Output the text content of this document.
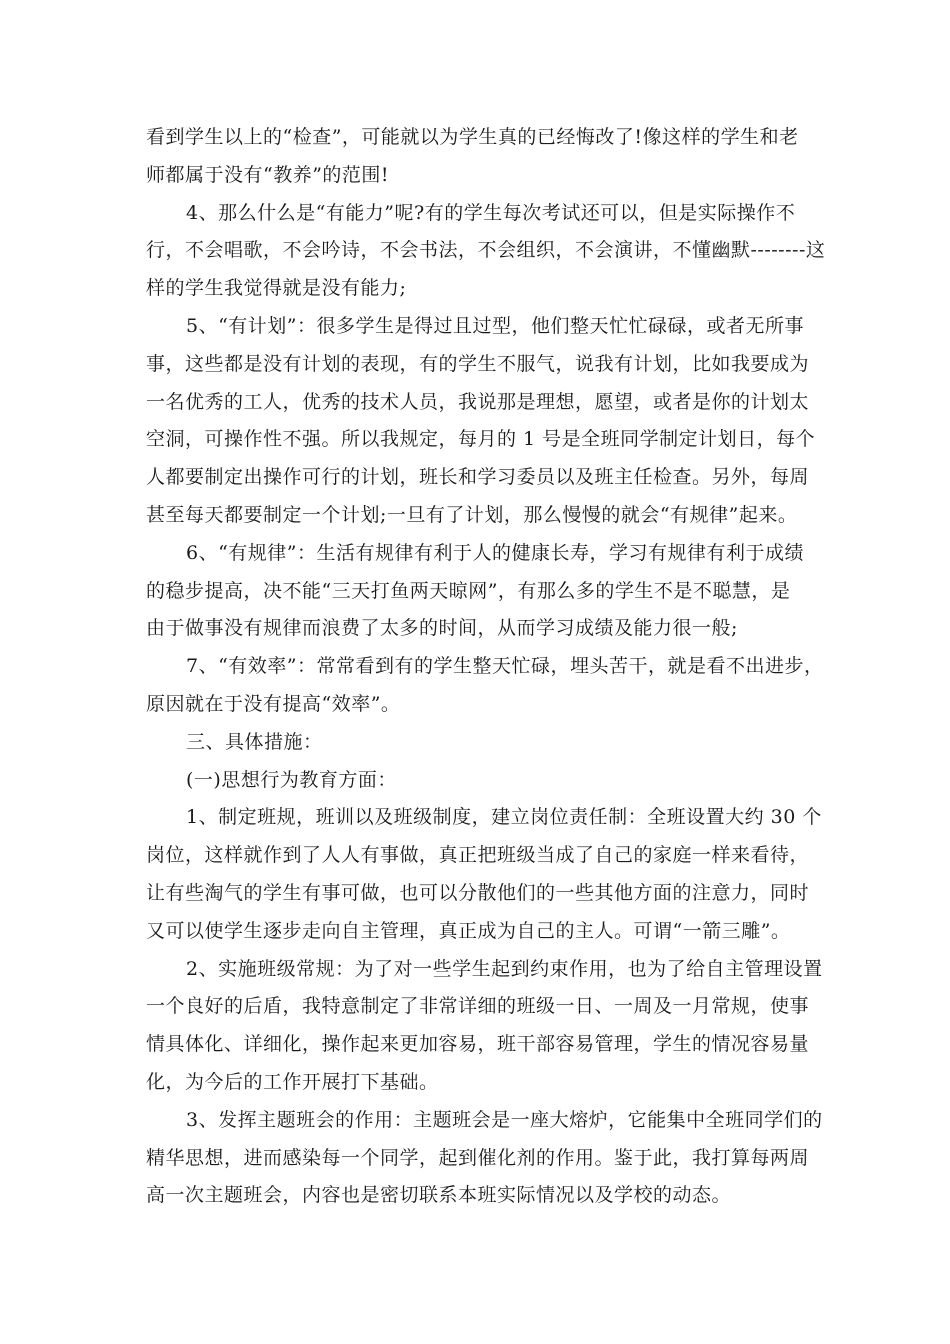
看到学生以上的“检查”，可能就以为学生真的已经悔改了!像这样的学生和老
师都属于没有“教养”的范围!
4、那么什么是“有能力”呢?有的学生每次考试还可以，但是实际操作不
行，不会唱歌，不会吟诗，不会书法，不会组织，不会演讲，不懂幽默--------这
样的学生我觉得就是没有能力;
5、“有计划”：很多学生是得过且过型，他们整天忙忙碌碌，或者无所事
事，这些都是没有计划的表现，有的学生不服气，说我有计划，比如我要成为
一名优秀的工人，优秀的技术人员，我说那是理想，愿望，或者是你的计划太
空洞，可操作性不强。所以我规定，每月的 1 号是全班同学制定计划日，每个
人都要制定出操作可行的计划，班长和学习委员以及班主任检查。另外，每周
甚至每天都要制定一个计划;一旦有了计划，那么慢慢的就会“有规律”起来。
6、“有规律”：生活有规律有利于人的健康长寿，学习有规律有利于成绩
的稳步提高，决不能“三天打鱼两天晾网”，有那么多的学生不是不聪慧，是
由于做事没有规律而浪费了太多的时间，从而学习成绩及能力很一般;
7、“有效率”：常常看到有的学生整天忙碌，埋头苦干，就是看不出进步，
原因就在于没有提高“效率”。
三、具体措施：
(一)思想行为教育方面：
1、制定班规，班训以及班级制度，建立岗位责任制：全班设置大约 30 个
岗位，这样就作到了人人有事做，真正把班级当成了自己的家庭一样来看待，
让有些淘气的学生有事可做，也可以分散他们的一些其他方面的注意力，同时
又可以使学生逐步走向自主管理，真正成为自己的主人。可谓“一箭三雕”。
2、实施班级常规：为了对一些学生起到约束作用，也为了给自主管理设置
一个良好的后盾，我特意制定了非常详细的班级一日、一周及一月常规，使事
情具体化、详细化，操作起来更加容易，班干部容易管理，学生的情况容易量
化，为今后的工作开展打下基础。
3、发挥主题班会的作用：主题班会是一座大熔炉，它能集中全班同学们的
精华思想，进而感染每一个同学，起到催化剂的作用。鉴于此，我打算每两周
高一次主题班会，内容也是密切联系本班实际情况以及学校的动态。
